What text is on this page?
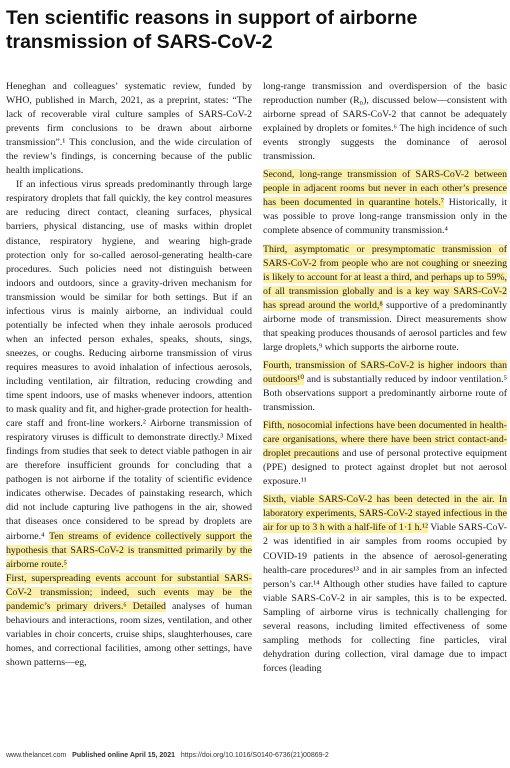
Ten scientific reasons in support of airborne transmission of SARS-CoV-2

Heneghan and colleagues’ systematic review, funded by WHO, published in March, 2021, as a preprint, states: “The lack of recoverable viral culture samples of SARS-CoV-2 prevents firm conclusions to be drawn about airborne transmission”.¹ This conclusion, and the wide circulation of the review’s findings, is concerning because of the public health implications.

If an infectious virus spreads predominantly through large respiratory droplets that fall quickly, the key control measures are reducing direct contact, cleaning surfaces, physical barriers, physical distancing, use of masks within droplet distance, respiratory hygiene, and wearing high-grade protection only for so-called aerosol-generating health-care procedures. Such policies need not distinguish between indoors and outdoors, since a gravity-driven mechanism for transmission would be similar for both settings. But if an infectious virus is mainly airborne, an individual could potentially be infected when they inhale aerosols produced when an infected person exhales, speaks, shouts, sings, sneezes, or coughs. Reducing airborne transmission of virus requires measures to avoid inhalation of infectious aerosols, including ventilation, air filtration, reducing crowding and time spent indoors, use of masks whenever indoors, attention to mask quality and fit, and higher-grade protection for health-care staff and front-line workers.² Airborne transmission of respiratory viruses is difficult to demonstrate directly.³ Mixed findings from studies that seek to detect viable pathogen in air are therefore insufficient grounds for concluding that a pathogen is not airborne if the totality of scientific evidence indicates otherwise. Decades of painstaking research, which did not include capturing live pathogens in the air, showed that diseases once considered to be spread by droplets are airborne.⁴ Ten streams of evidence collectively support the hypothesis that SARS-CoV-2 is transmitted primarily by the airborne route.⁵

First, superspreading events account for substantial SARS-CoV-2 transmission; indeed, such events may be the pandemic’s primary drivers.⁶ Detailed analyses of human behaviours and interactions, room sizes, ventilation, and other variables in choir concerts, cruise ships, slaughterhouses, care homes, and correctional facilities, among other settings, have shown patterns—eg,

long-range transmission and overdispersion of the basic reproduction number (R₀), discussed below—consistent with airborne spread of SARS-CoV-2 that cannot be adequately explained by droplets or fomites.⁶ The high incidence of such events strongly suggests the dominance of aerosol transmission.

Second, long-range transmission of SARS-CoV-2 between people in adjacent rooms but never in each other’s presence has been documented in quarantine hotels.⁷ Historically, it was possible to prove long-range transmission only in the complete absence of community transmission.⁴

Third, asymptomatic or presymptomatic transmission of SARS-CoV-2 from people who are not coughing or sneezing is likely to account for at least a third, and perhaps up to 59%, of all transmission globally and is a key way SARS-CoV-2 has spread around the world,⁸ supportive of a predominantly airborne mode of transmission. Direct measurements show that speaking produces thousands of aerosol particles and few large droplets,⁹ which supports the airborne route.

Fourth, transmission of SARS-CoV-2 is higher indoors than outdoors¹⁰ and is substantially reduced by indoor ventilation.⁵ Both observations support a predominantly airborne route of transmission.

Fifth, nosocomial infections have been documented in health-care organisations, where there have been strict contact-and-droplet precautions and use of personal protective equipment (PPE) designed to protect against droplet but not aerosol exposure.¹¹

Sixth, viable SARS-CoV-2 has been detected in the air. In laboratory experiments, SARS-CoV-2 stayed infectious in the air for up to 3 h with a half-life of 1·1 h.¹² Viable SARS-CoV-2 was identified in air samples from rooms occupied by COVID-19 patients in the absence of aerosol-generating health-care procedures¹³ and in air samples from an infected person’s car.¹⁴ Although other studies have failed to capture viable SARS-CoV-2 in air samples, this is to be expected. Sampling of airborne virus is technically challenging for several reasons, including limited effectiveness of some sampling methods for collecting fine particles, viral dehydration during collection, viral damage due to impact forces (leading

www.thelancet.com Published online April 15, 2021 https://doi.org/10.1016/S0140-6736(21)00869-2
